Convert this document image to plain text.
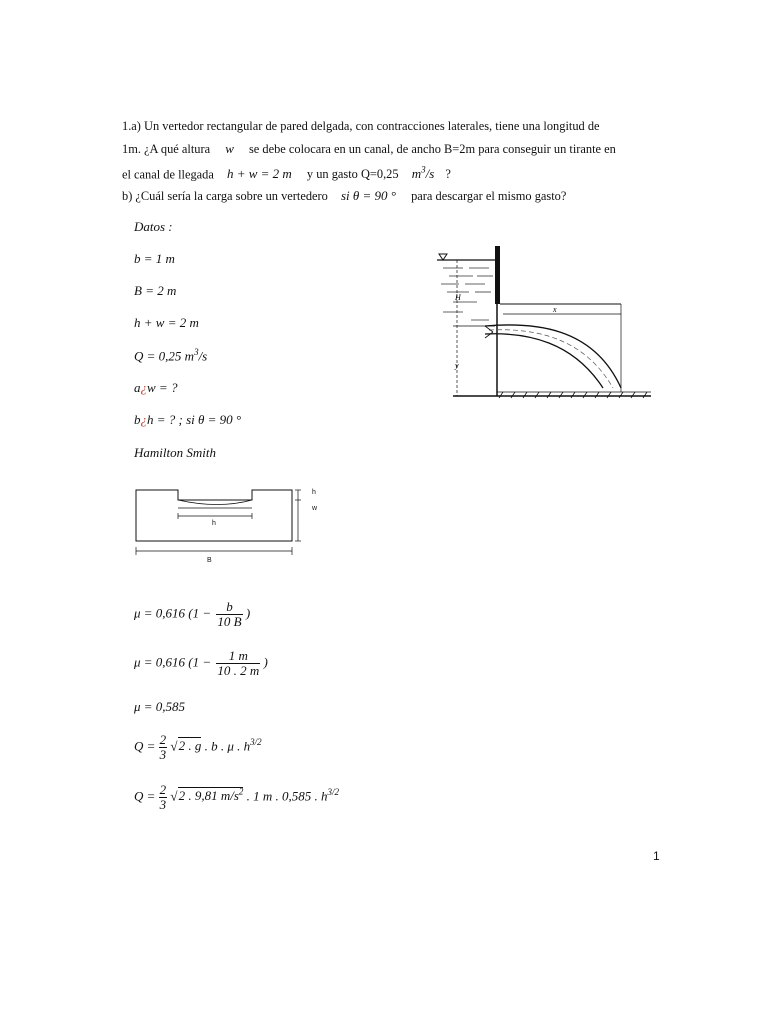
1.a) Un vertedor rectangular de pared delgada, con contracciones laterales, tiene una longitud de
1m. ¿A qué altura w se debe colocara en un canal, de ancho B=2m para conseguir un tirante en
el canal de llegada h + w = 2 m y un gasto Q=0,25 $m^3/s$ ?
b) ¿Cuál sería la carga sobre un vertedero si θ = 90 ° para descargar el mismo gasto?
Datos :
b = 1 m
B = 2 m
h + w = 2 m
Q = 0,25 $m^3/s$
a¿w = ?
b¿h = ? ; si θ = 90 °
Hamilton Smith
H
y
x
h
w
h
B
μ = 0,616 ($1 - \frac{b}{10 B}$ )
μ = 0,616 ($1 - \frac{1 m}{10 . 2 m}$ )
μ = 0,585
$Q = \frac{2}{3} √2$ . g . b . μ . $h^{3/2}$
$Q = \frac{2}{3} √2$ . 9,81 $m/s^2$ . 1 m . 0,585 . $h^{3/2}$
1
